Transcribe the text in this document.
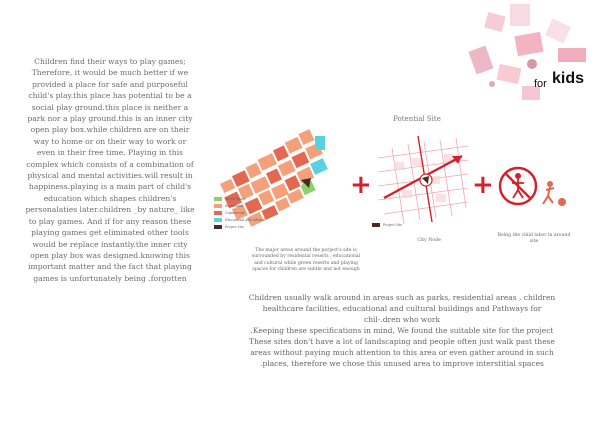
Children find their ways to play games; Therefore, it would be much better if we provided a place for safe and purposeful child's play.this place has potential to be a social play ground.this place is neither a park nor a play ground.this is an inner city open play box.while children are on their way to home or on their way to work or even in their free time. Playing in this complex which consists of a combination of physical and mental activities.will result in happiness.playing is a main part of child's education which shapes children's personalaties later.children _by nature_ like to play games. And if for any reason these playing games get eliminated other tools would be replace instantly.the inner city open play box was designed.knowing this important matter and the fact that playing games is unfortunately being .forgotten
for kids
Potential Site
Green Space
Residential
Commercial
Educational and cultural
Project Site
+
Project Site
+
The major areas around the porject's site is surrounded by residental reserts , educational and cultural while green reserts and playing spaces for children are subtle and not enough
City Node
Being the child labor in around site

Children usually walk around in areas such as parks, residential areas , children healthcare facilities, educational and cultural buildings and Pathways for chil-.dren who work

.Keeping these specifications in mind, We found the suitable site for the project These sites don't have a lot of landscaping and people often just walk past these areas without paying much attention to this area or even gather around in such .places, therefore we chose this unused area to improve interstitial spaces
